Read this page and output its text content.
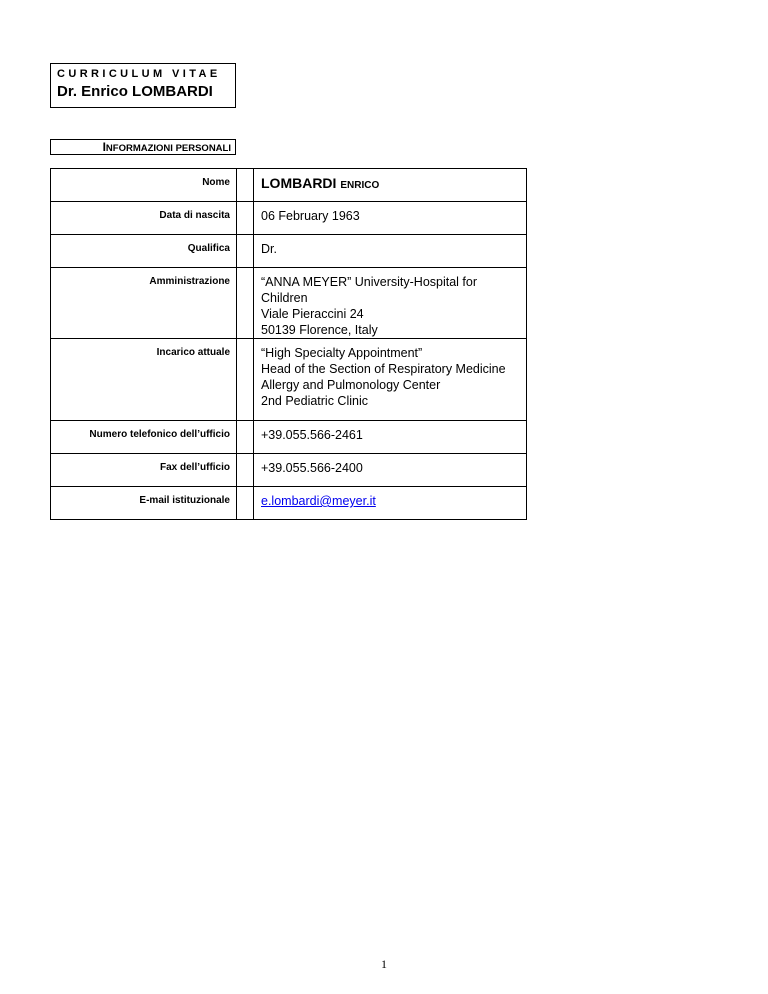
CURRICULUM VITAE
Dr. Enrico LOMBARDI
INFORMAZIONI PERSONALI
Nome		LOMBARDI ENRICO
Data di nascita		06 February 1963
Qualifica		Dr.
Amministrazione		“ANNA MEYER” University-Hospital for Children
Viale Pieraccini 24
50139 Florence, Italy

Incarico attuale		“High Specialty Appointment”
Head of the Section of Respiratory Medicine
Allergy and Pulmonology Center
2nd Pediatric Clinic

Numero telefonico dell’ufficio		+39.055.566-2461
Fax dell’ufficio		+39.055.566-2400
E-mail istituzionale		e.lombardi@meyer.it
1
